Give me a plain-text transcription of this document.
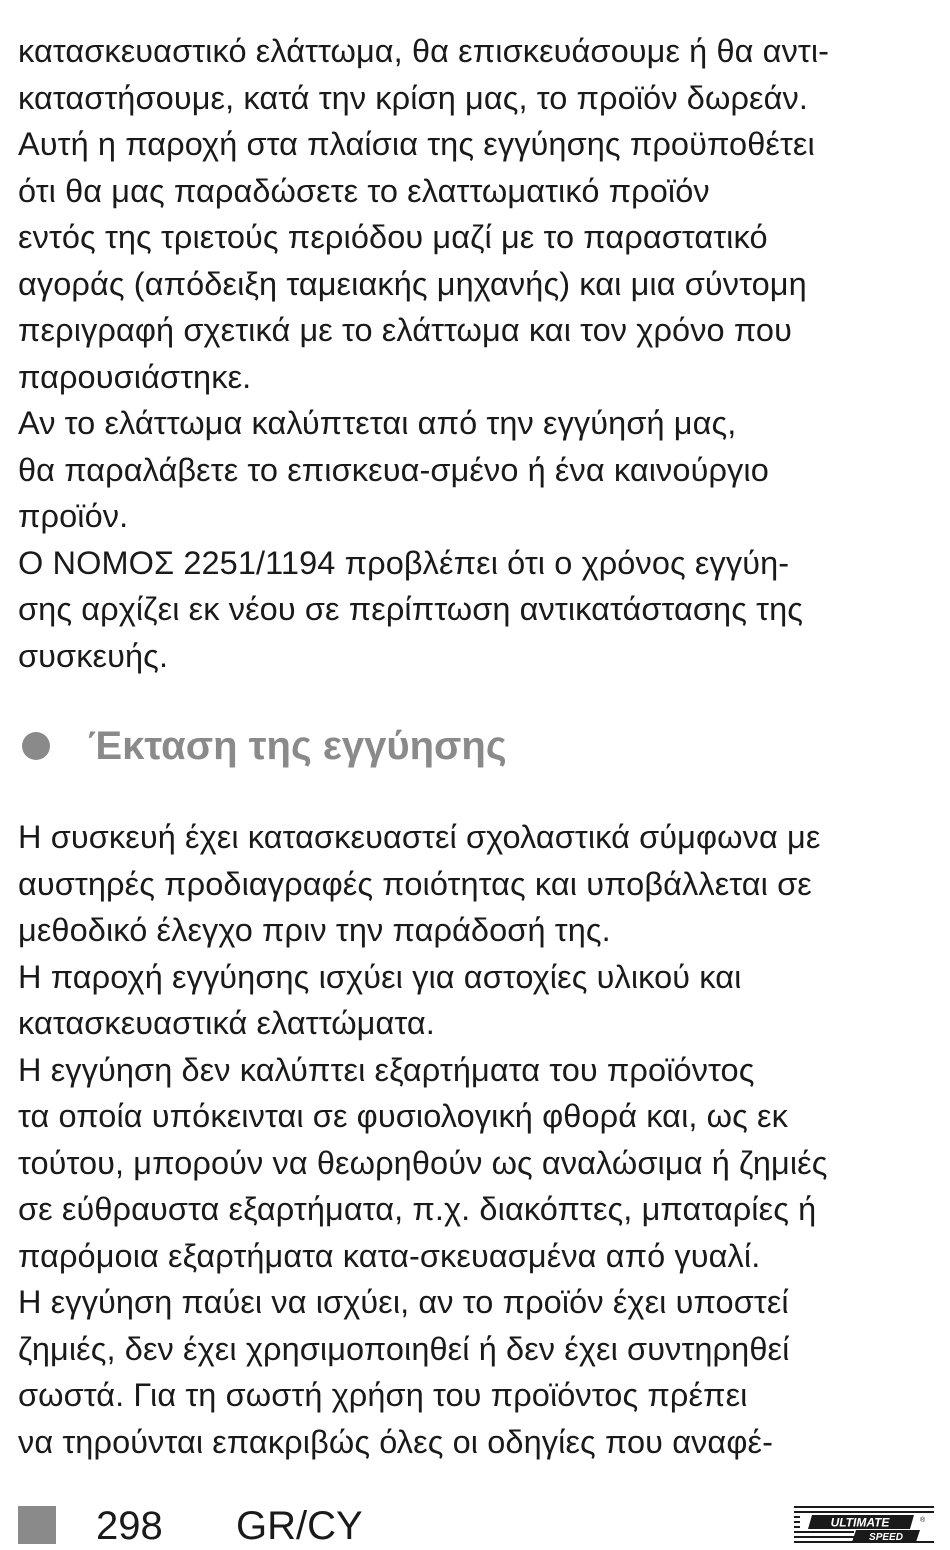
κατασκευαστικό ελάττωμα, θα επισκευάσουμε ή θα αντι-
καταστήσουμε, κατά την κρίση μας, το προϊόν δωρεάν.
Αυτή η παροχή στα πλαίσια της εγγύησης προϋποθέτει
ότι θα μας παραδώσετε το ελαττωματικό προϊόν
εντός της τριετούς περιόδου μαζί με το παραστατικό
αγοράς (απόδειξη ταμειακής μηχανής) και μια σύντομη
περιγραφή σχετικά με το ελάττωμα και τον χρόνο που
παρουσιάστηκε.
Αν το ελάττωμα καλύπτεται από την εγγύησή μας,
θα παραλάβετε το επισκευα-σμένο ή ένα καινούργιο
προϊόν.
Ο ΝΟΜΟΣ 2251/1194 προβλέπει ότι ο χρόνος εγγύη-
σης αρχίζει εκ νέου σε περίπτωση αντικατάστασης της
συσκευής.
Έκταση της εγγύησης
Η συσκευή έχει κατασκευαστεί σχολαστικά σύμφωνα με
αυστηρές προδιαγραφές ποιότητας και υποβάλλεται σε
μεθοδικό έλεγχο πριν την παράδοσή της.
Η παροχή εγγύησης ισχύει για αστοχίες υλικού και
κατασκευαστικά ελαττώματα.
Η εγγύηση δεν καλύπτει εξαρτήματα του προϊόντος
τα οποία υπόκεινται σε φυσιολογική φθορά και, ως εκ
τούτου, μπορούν να θεωρηθούν ως αναλώσιμα ή ζημιές
σε εύθραυστα εξαρτήματα, π.χ. διακόπτες, μπαταρίες ή
παρόμοια εξαρτήματα κατα-σκευασμένα από γυαλί.
Η εγγύηση παύει να ισχύει, αν το προϊόν έχει υποστεί
ζημιές, δεν έχει χρησιμοποιηθεί ή δεν έχει συντηρηθεί
σωστά. Για τη σωστή χρήση του προϊόντος πρέπει
να τηρούνται επακριβώς όλες οι οδηγίες που αναφέ-
298 GR/CY	ULTIMATE
SPEED
®
